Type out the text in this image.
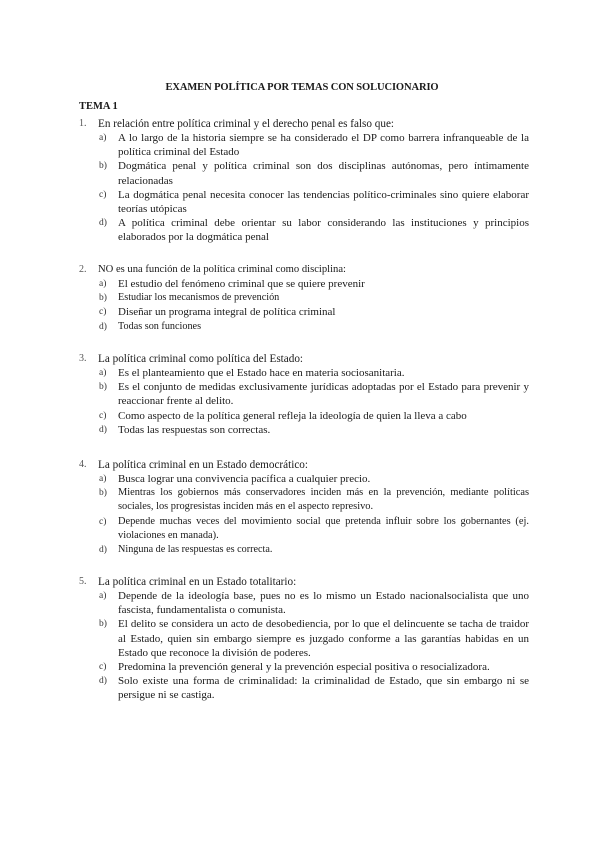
EXAMEN POLÍTICA POR TEMAS CON SOLUCIONARIO
TEMA 1
1. En relación entre política criminal y el derecho penal es falso que:
a) A lo largo de la historia siempre se ha considerado el DP como barrera infranqueable de la política criminal del Estado
b) Dogmática penal y política criminal son dos disciplinas autónomas, pero íntimamente relacionadas
c) La dogmática penal necesita conocer las tendencias político-criminales sino quiere elaborar teorías utópicas
d) A política criminal debe orientar su labor considerando las instituciones y principios elaborados por la dogmática penal
2. NO es una función de la política criminal como disciplina:
a) El estudio del fenómeno criminal que se quiere prevenir
b) Estudiar los mecanismos de prevención
c) Diseñar un programa integral de política criminal
d) Todas son funciones
3. La política criminal como política del Estado:
a) Es el planteamiento que el Estado hace en materia sociosanitaria.
b) Es el conjunto de medidas exclusivamente jurídicas adoptadas por el Estado para prevenir y reaccionar frente al delito.
c) Como aspecto de la política general refleja la ideología de quien la lleva a cabo
d) Todas las respuestas son correctas.
4. La política criminal en un Estado democrático:
a) Busca lograr una convivencia pacífica a cualquier precio.
b) Mientras los gobiernos más conservadores inciden más en la prevención, mediante políticas sociales, los progresistas inciden más en el aspecto represivo.
c) Depende muchas veces del movimiento social que pretenda influir sobre los gobernantes (ej. violaciones en manada).
d) Ninguna de las respuestas es correcta.
5. La política criminal en un Estado totalitario:
a) Depende de la ideología base, pues no es lo mismo un Estado nacionalsocialista que uno fascista, fundamentalista o comunista.
b) El delito se considera un acto de desobediencia, por lo que el delincuente se tacha de traidor al Estado, quien sin embargo siempre es juzgado conforme a las garantías habidas en un Estado que reconoce la división de poderes.
c) Predomina la prevención general y la prevención especial positiva o resocializadora.
d) Solo existe una forma de criminalidad: la criminalidad de Estado, que sin embargo ni se persigue ni se castiga.
